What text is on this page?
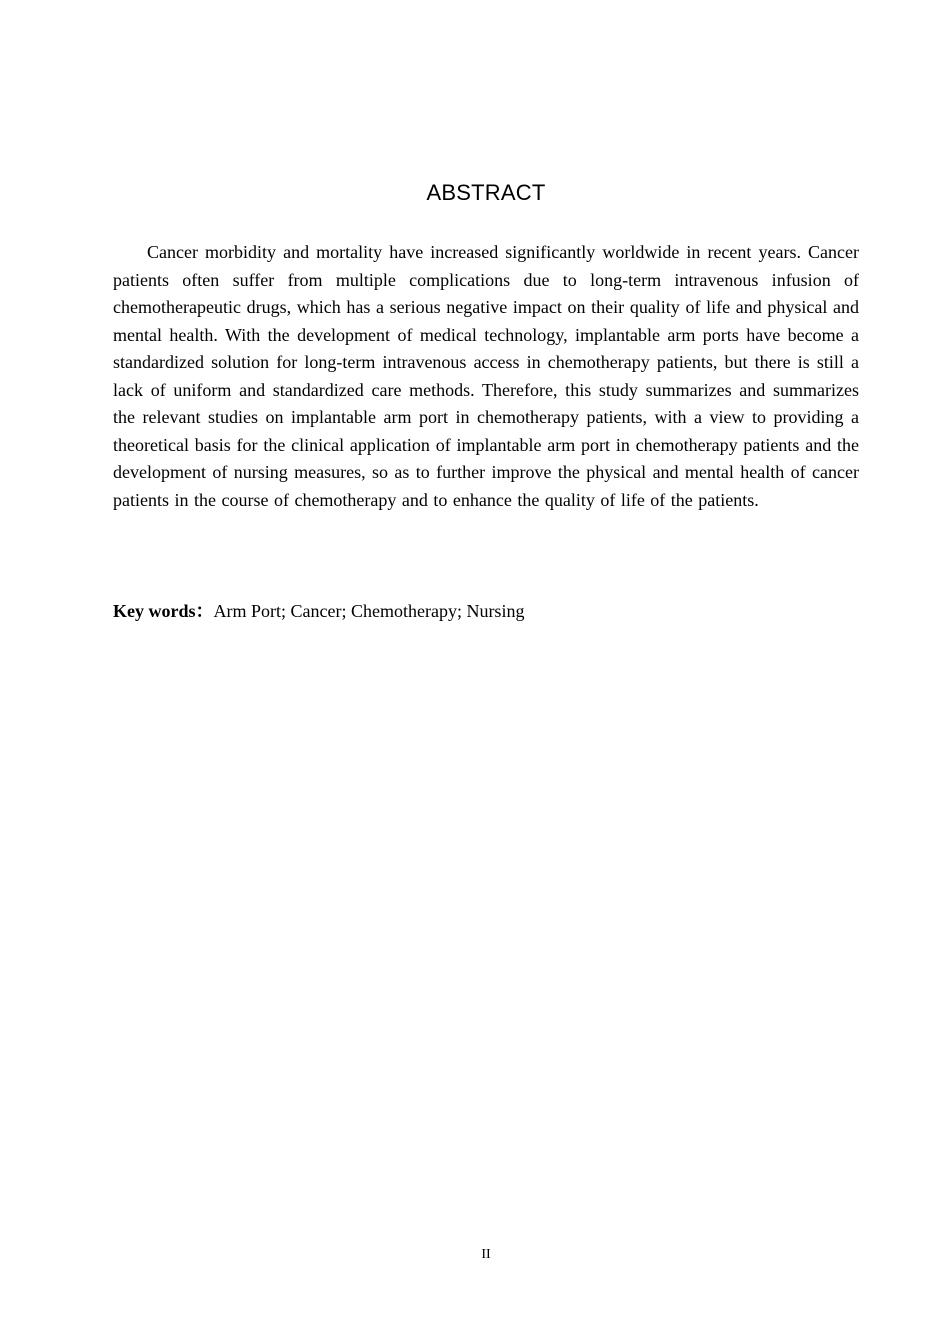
ABSTRACT

Cancer morbidity and mortality have increased significantly worldwide in recent years. Cancer patients often suffer from multiple complications due to long-term intravenous infusion of chemotherapeutic drugs, which has a serious negative impact on their quality of life and physical and mental health. With the development of medical technology, implantable arm ports have become a standardized solution for long-term intravenous access in chemotherapy patients, but there is still a lack of uniform and standardized care methods. Therefore, this study summarizes and summarizes the relevant studies on implantable arm port in chemotherapy patients, with a view to providing a theoretical basis for the clinical application of implantable arm port in chemotherapy patients and the development of nursing measures, so as to further improve the physical and mental health of cancer patients in the course of chemotherapy and to enhance the quality of life of the patients.

Key words：Arm Port; Cancer; Chemotherapy; Nursing
II
